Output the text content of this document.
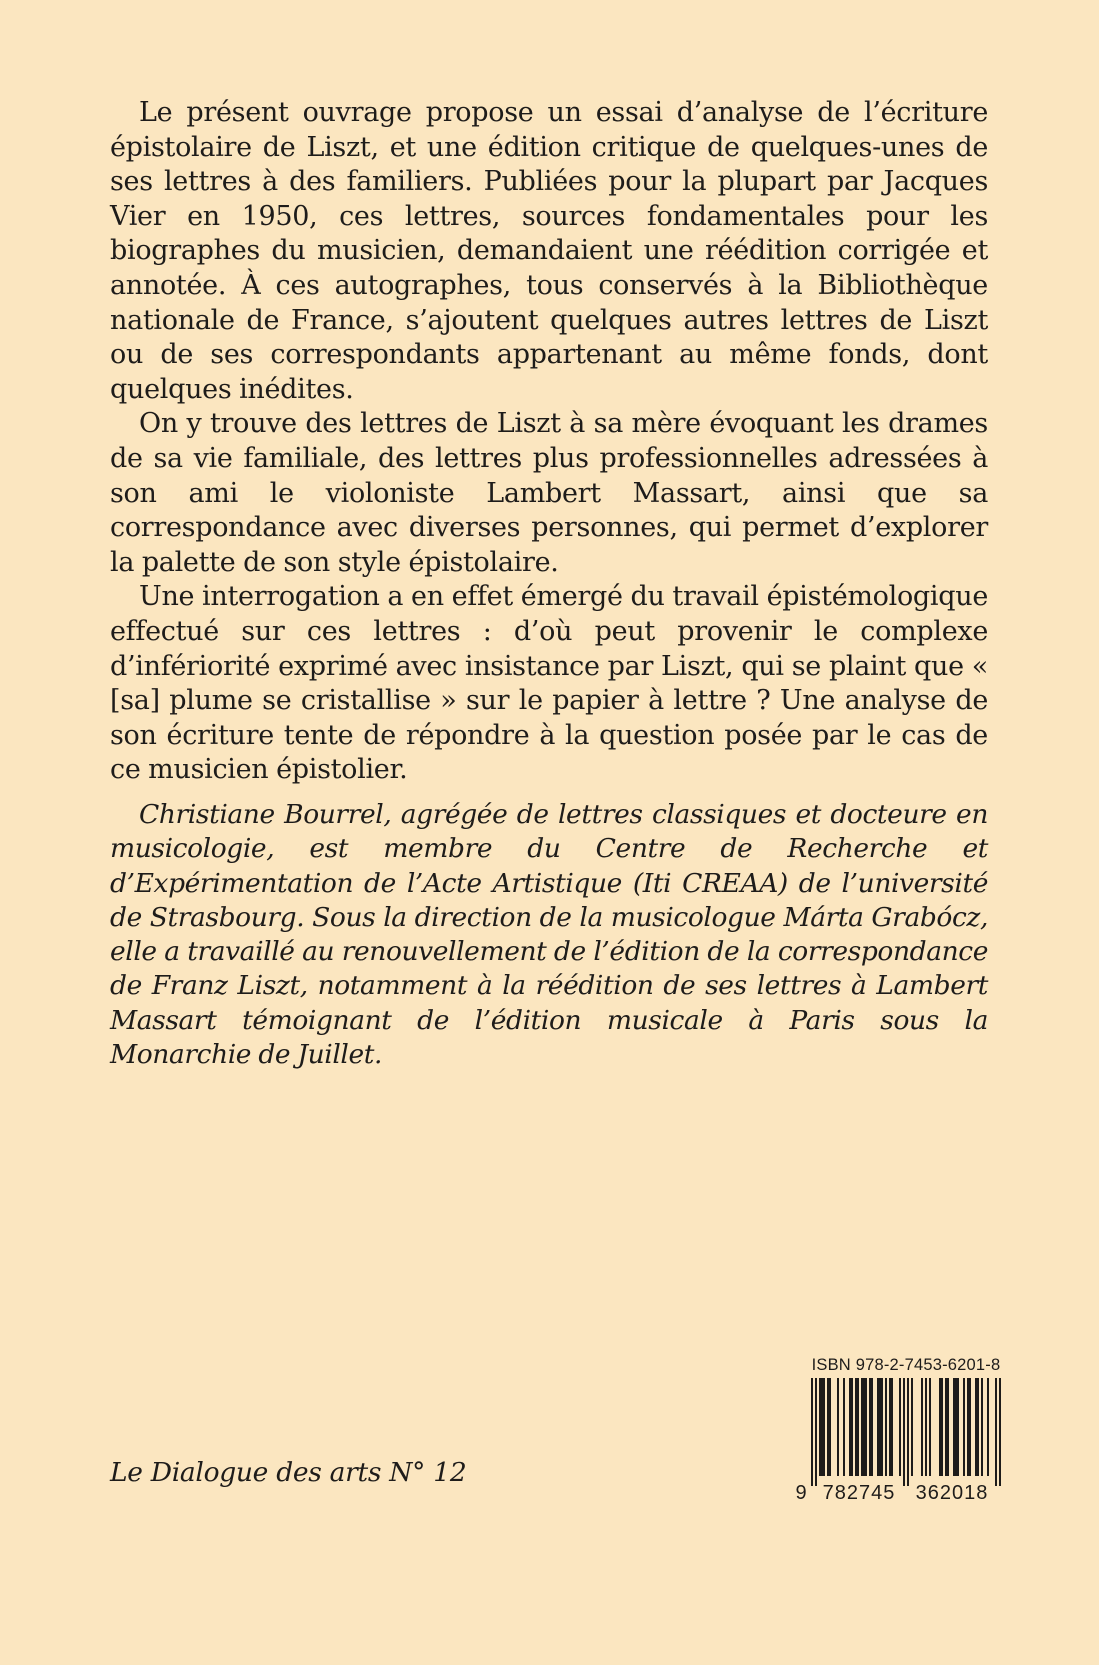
Le présent ouvrage propose un essai d’analyse de l’écriture épistolaire de Liszt, et une édition critique de quelques-unes de ses lettres à des familiers. Publiées pour la plupart par Jacques Vier en 1950, ces lettres, sources fondamentales pour les biographes du musicien, demandaient une réédition corrigée et annotée. À ces autographes, tous conservés à la Bibliothèque nationale de France, s’ajoutent quelques autres lettres de Liszt ou de ses correspondants appartenant au même fonds, dont quelques inédites.

On y trouve des lettres de Liszt à sa mère évoquant les drames de sa vie familiale, des lettres plus professionnelles adressées à son ami le violoniste Lambert Massart, ainsi que sa correspondance avec diverses personnes, qui permet d’explorer la palette de son style épistolaire.

Une interrogation a en effet émergé du travail épistémologique effectué sur ces lettres : d’où peut provenir le complexe d’infériorité exprimé avec insistance par Liszt, qui se plaint que « [sa] plume se cristallise » sur le papier à lettre ? Une analyse de son écriture tente de répondre à la question posée par le cas de ce musicien épistolier.

Christiane Bourrel, agrégée de lettres classiques et docteure en musicologie, est membre du Centre de Recherche et d’Expérimentation de l’Acte Artistique (Iti CREAA) de l’université de Strasbourg. Sous la direction de la musicologue Márta Grabócz, elle a travaillé au renouvellement de l’édition de la correspondance de Franz Liszt, notamment à la réédition de ses lettres à Lambert Massart témoignant de l’édition musicale à Paris sous la Monarchie de Juillet.

Le Dialogue des arts N° 12

ISBN 978-2-7453-6201-8
9 782745 362018
